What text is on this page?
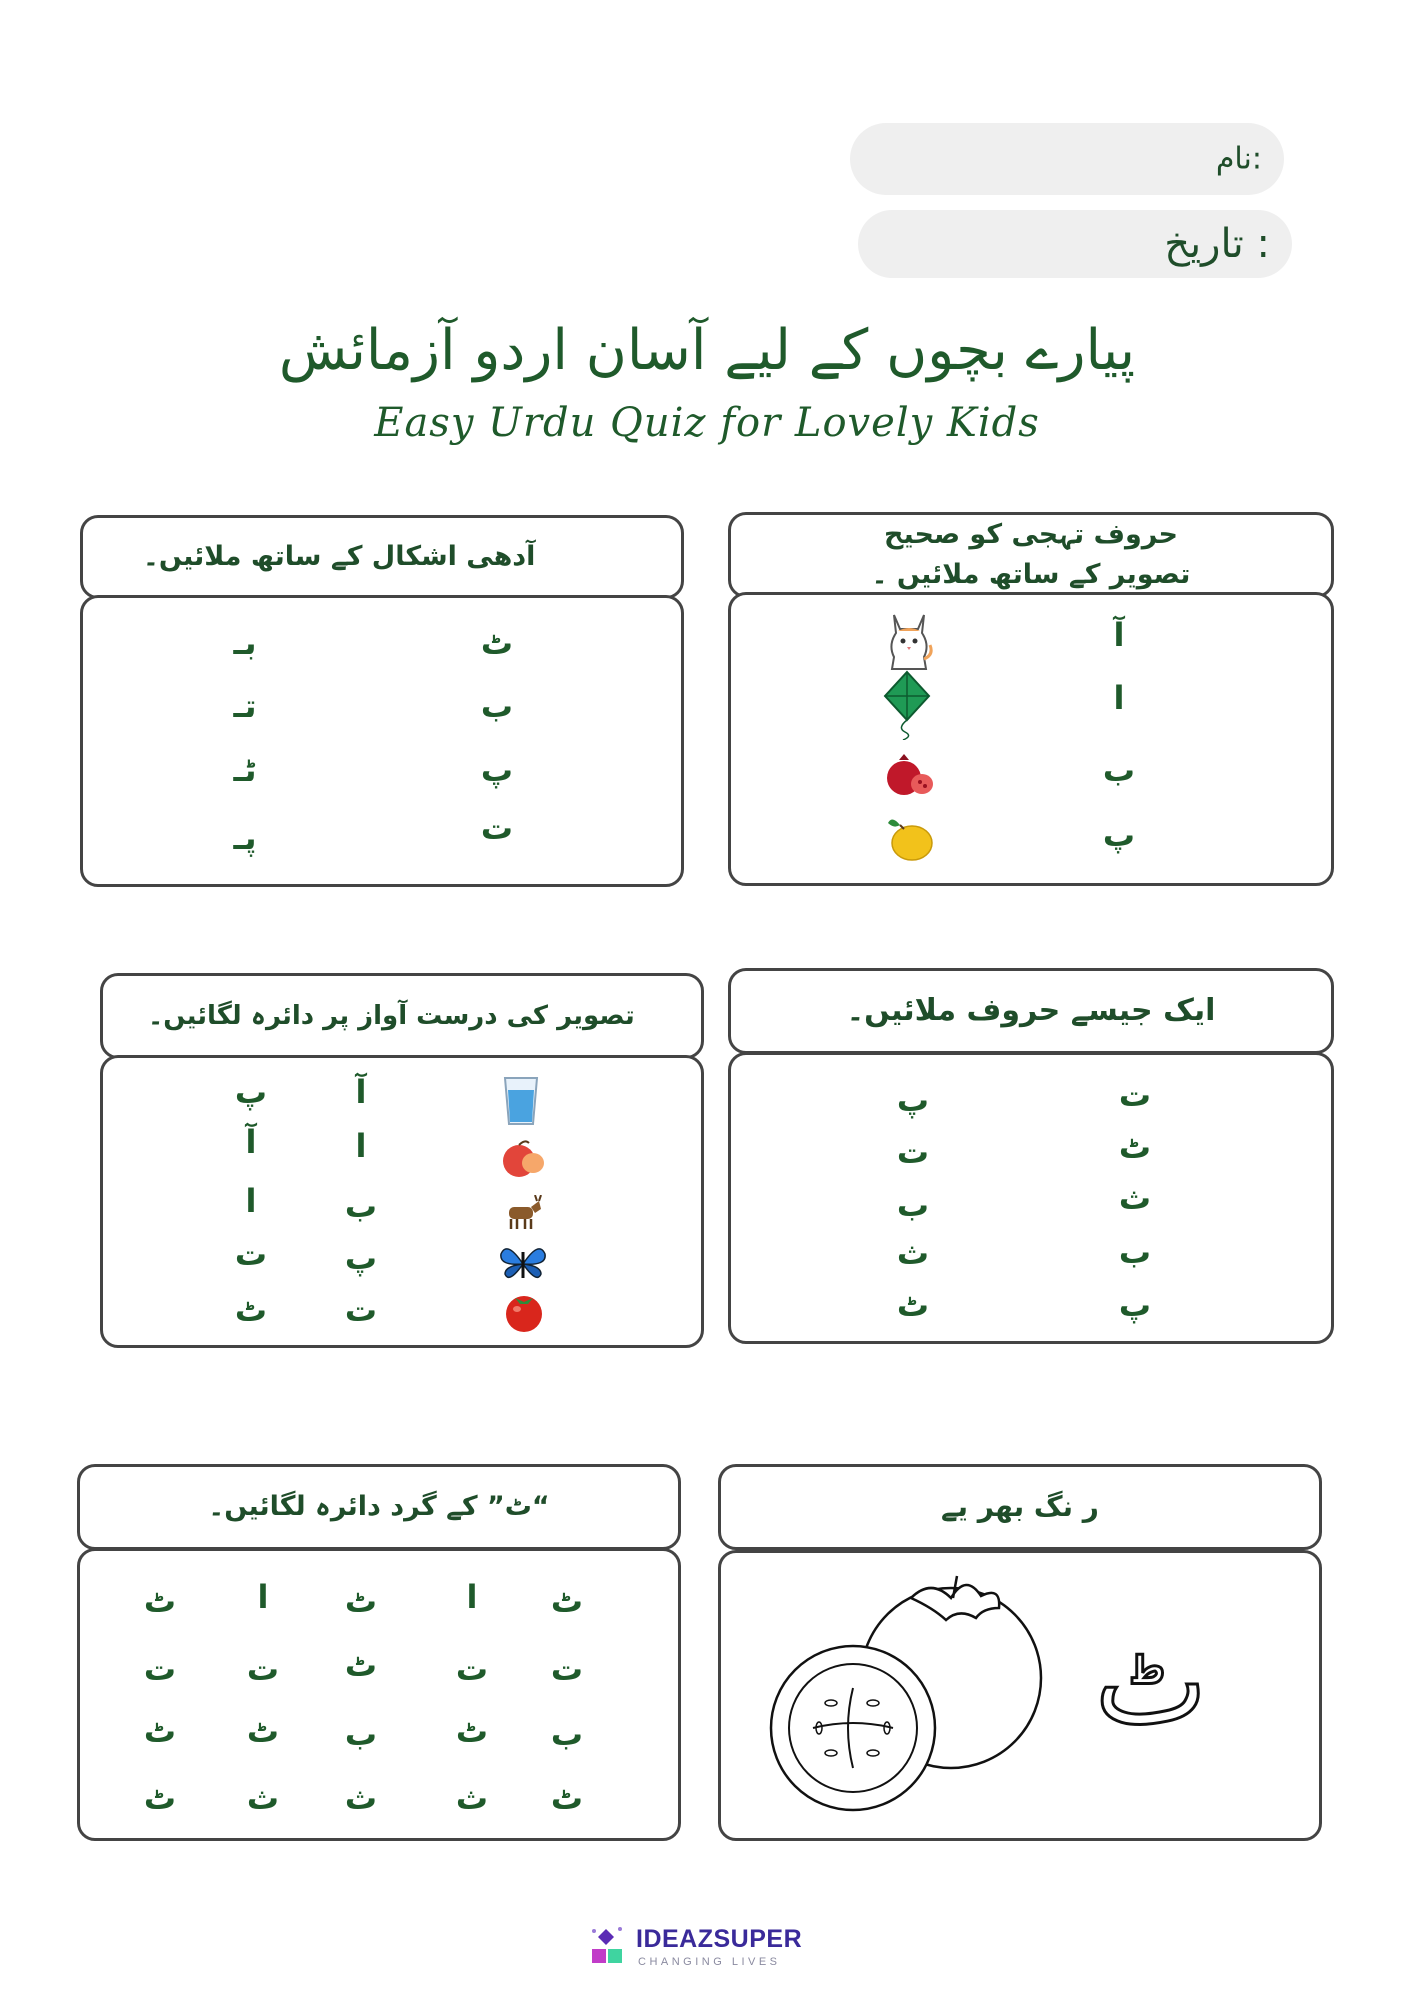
نام:
تاریخ :
پیارے بچوں کے لیے آسان اردو آزمائش
Easy Urdu Quiz for Lovely Kids
حروف تہجی کو صحیح تصویر کے ساتھ ملائیں ۔
آ
ا
ب
پ
آدھی اشکال کے ساتھ ملائیں۔
ٹ
ب
پ
ت
بـ
تـ
ٹـ
پـ
ایک جیسے حروف ملائیں۔
ت
ٹ
ث
ب
پ
پ
ت
ب
ث
ٹ
تصویر کی درست آواز پر دائرہ لگائیں۔
آ
ا
ب
پ
ت
پ
آ
ا
ت
ٹ
ر نگ بھر یے
ٹ
“ٹ” کے گرد دائرہ لگائیں۔
ٹ
ا
ٹ
ا
ٹ
ت
ت
ٹ
ت
ت
ب
ٹ
ب
ٹ
ٹ
ٹ
ث
ث
ث
ٹ
IDEAZSUPER
CHANGING LIVES
